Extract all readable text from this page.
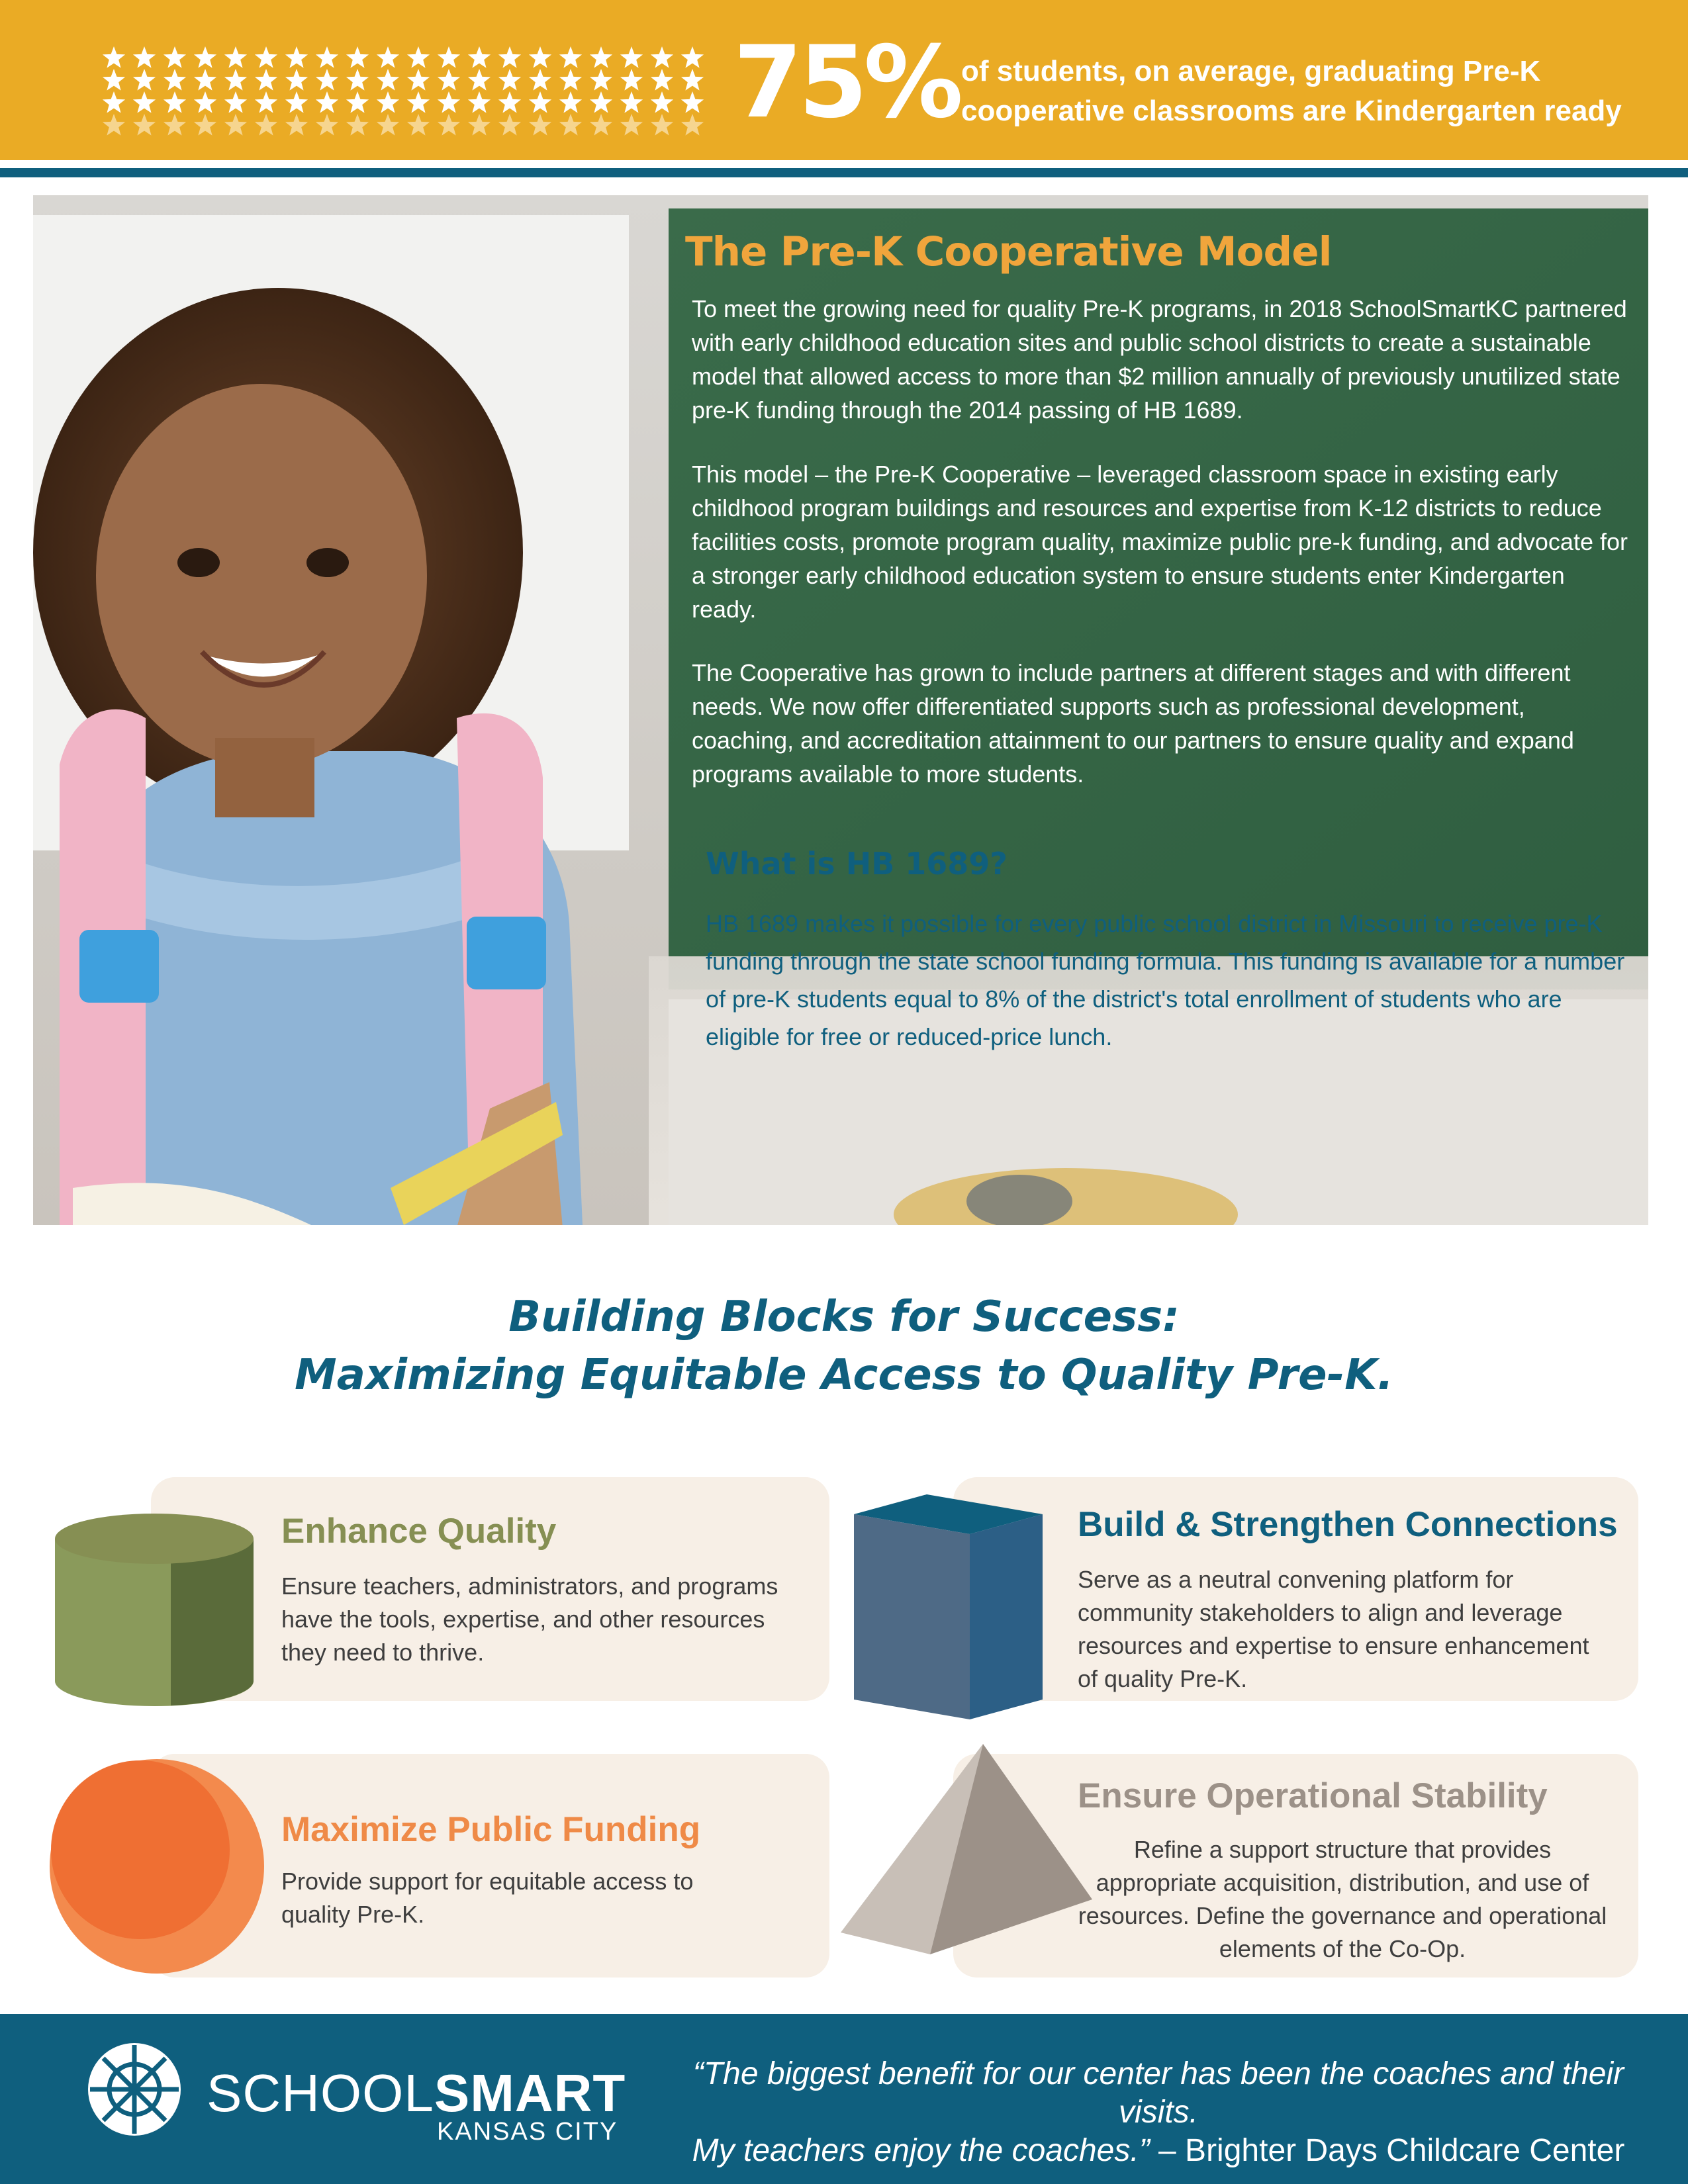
75% of students, on average, graduating Pre-K
cooperative classrooms are Kindergarten ready
The Pre-K Cooperative Model
To meet the growing need for quality Pre-K programs, in 2018 SchoolSmartKC partnered with early childhood education sites and public school districts to create a sustainable model that allowed access to more than $2 million annually of previously unutilized state pre-K funding through the 2014 passing of HB 1689.
This model – the Pre-K Cooperative – leveraged classroom space in existing early childhood program buildings and resources and expertise from K-12 districts to reduce facilities costs, promote program quality, maximize public pre-k funding, and advocate for a stronger early childhood education system to ensure students enter Kindergarten ready.
The Cooperative has grown to include partners at different stages and with different needs. We now offer differentiated supports such as professional development, coaching, and accreditation attainment to our partners to ensure quality and expand programs available to more students.
What is HB 1689?
HB 1689 makes it possible for every public school district in Missouri to receive pre-K funding through the state school funding formula. This funding is available for a number of pre-K students equal to 8% of the district's total enrollment of students who are eligible for free or reduced-price lunch.
Building Blocks for Success:
Maximizing Equitable Access to Quality Pre-K.
Enhance Quality
Ensure teachers, administrators, and programs have the tools, expertise, and other resources they need to thrive.
Build & Strengthen Connections
Serve as a neutral convening platform for community stakeholders to align and leverage resources and expertise to ensure enhancement of quality Pre-K.
Maximize Public Funding
Provide support for equitable access to quality Pre-K.
Ensure Operational Stability
Refine a support structure that provides appropriate acquisition, distribution, and use of resources. Define the governance and operational elements of the Co-Op.
SCHOOLSMART
KANSAS CITY
“The biggest benefit for our center has been the coaches and their visits.
My teachers enjoy the coaches.” – Brighter Days Childcare Center
